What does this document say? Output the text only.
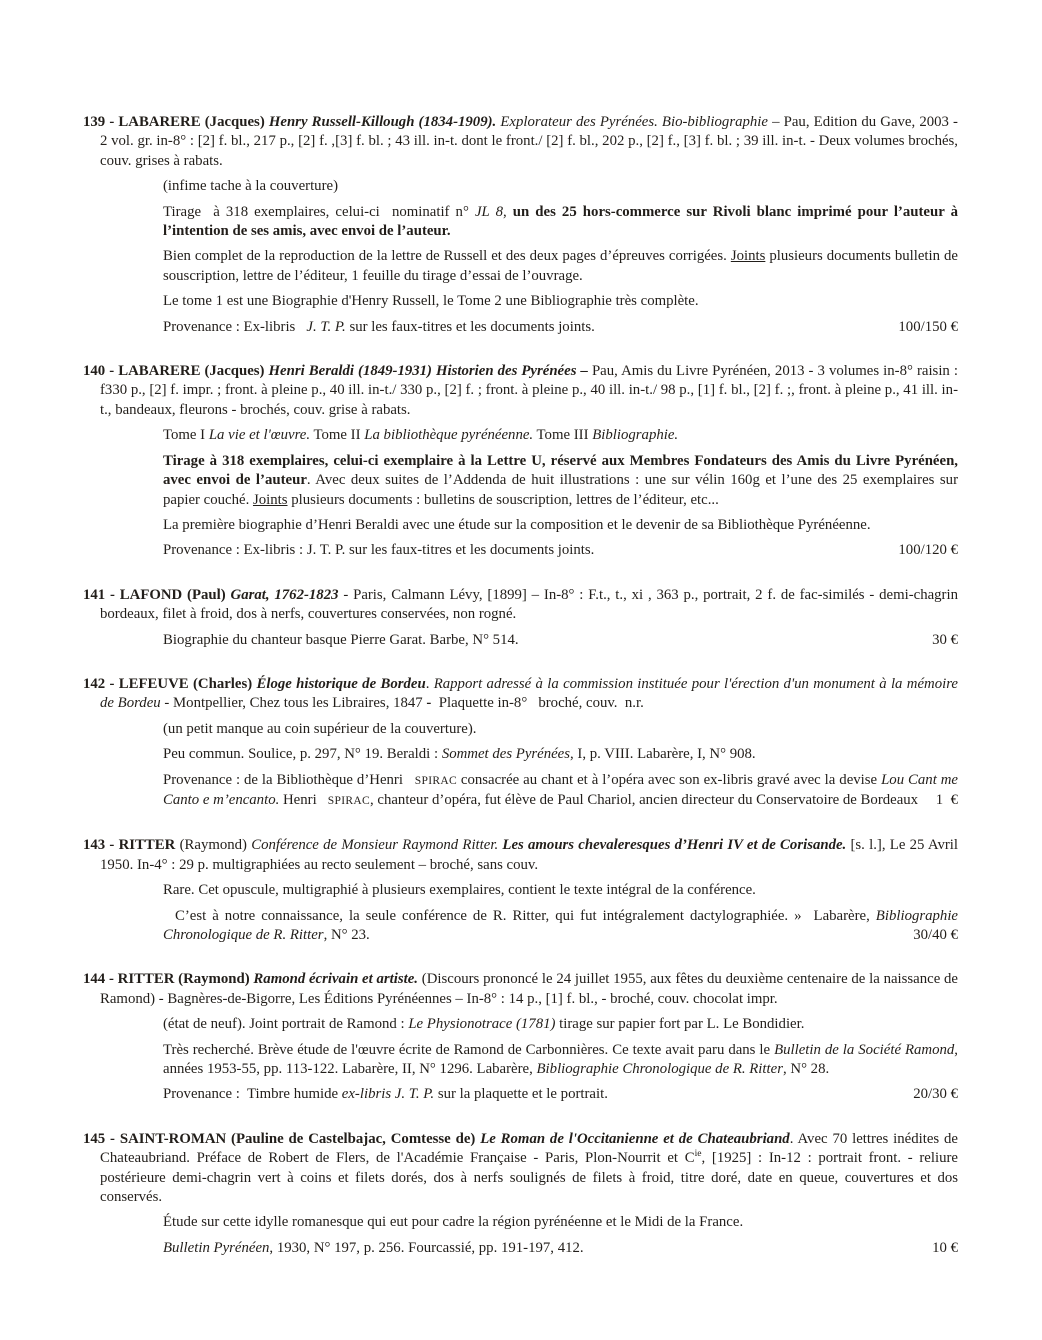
139 - LABARERE (Jacques) Henry Russell-Killough (1834-1909). Explorateur des Pyrénées. Bio-bibliographie – Pau, Edition du Gave, 2003 - 2 vol. gr. in-8° : [2] f. bl., 217 p., [2] f. ,[3] f. bl. ; 43 ill. in-t. dont le front./ [2] f. bl., 202 p., [2] f., [3] f. bl. ; 39 ill. in-t. - Deux volumes brochés, couv. grises à rabats.

(infime tache à la couverture)

Tirage  à 318 exemplaires, celui-ci  nominatif n° JL 8, un des 25 hors-commerce sur Rivoli blanc imprimé pour l’auteur à l’intention de ses amis, avec envoi de l’auteur.

Bien complet de la reproduction de la lettre de Russell et des deux pages d’épreuves corrigées. Joints plusieurs documents bulletin de souscription, lettre de l’éditeur, 1 feuille du tirage d’essai de l’ouvrage.

Le tome 1 est une Biographie d'Henry Russell, le Tome 2 une Bibliographie très complète.

Provenance : Ex-libris   J. T. P. sur les faux-titres et les documents joints.	100/150 €

140 - LABARERE (Jacques) Henri Beraldi (1849-1931) Historien des Pyrénées – Pau, Amis du Livre Pyrénéen, 2013 - 3 volumes in-8° raisin : f330 p., [2] f. impr. ; front. à pleine p., 40 ill. in-t./ 330 p., [2] f. ; front. à pleine p., 40 ill. in-t./ 98 p., [1] f. bl., [2] f. ;, front. à pleine p., 41 ill. in-t., bandeaux, fleurons - brochés, couv. grise à rabats.

Tome I La vie et l'œuvre. Tome II La bibliothèque pyrénéenne. Tome III Bibliographie.

Tirage à 318 exemplaires, celui-ci exemplaire à la Lettre U, réservé aux Membres Fondateurs des Amis du Livre Pyrénéen, avec envoi de l’auteur. Avec deux suites de l’Addenda de huit illustrations : une sur vélin 160g et l’une des 25 exemplaires sur papier couché. Joints plusieurs documents : bulletins de souscription, lettres de l’éditeur, etc...

La première biographie d’Henri Beraldi avec une étude sur la composition et le devenir de sa Bibliothèque Pyrénéenne.

Provenance : Ex-libris : J. T. P. sur les faux-titres et les documents joints.	100/120 €

141 - LAFOND (Paul) Garat, 1762-1823 - Paris, Calmann Lévy, [1899] – In-8° : F.t., t., xi , 363 p., portrait, 2 f. de fac-similés - demi-chagrin bordeaux, filet à froid, dos à nerfs, couvertures conservées, non rogné.

Biographie du chanteur basque Pierre Garat. Barbe, N° 514.	30 €

142 - LEFEUVE (Charles) Éloge historique de Bordeu. Rapport adressé à la commission instituée pour l'érection d'un monument à la mémoire de Bordeu - Montpellier, Chez tous les Libraires, 1847 -  Plaquette in-8°   broché, couv.  n.r.

(un petit manque au coin supérieur de la couverture).

Peu commun. Soulice, p. 297, N° 19. Beraldi : Sommet des Pyrénées, I, p. VIII. Labarère, I, N° 908.

Provenance : de la Bibliothèque d’Henri   SPIRAC consacrée au chant et à l’opéra avec son ex-libris gravé avec la devise Lou Cant me Canto e m’encanto. Henri   SPIRAC, chanteur d’opéra, fut élève de Paul Chariol, ancien directeur du Conservatoire de Bordeaux 1  €

143 - RITTER (Raymond) Conférence de Monsieur Raymond Ritter. Les amours chevaleresques d’Henri IV et de Corisande. [s. l.], Le 25 Avril 1950. In-4° : 29 p. multigraphiées au recto seulement – broché, sans couv.

Rare. Cet opuscule, multigraphié à plusieurs exemplaires, contient le texte intégral de la conférence.

C’est à notre connaissance, la seule conférence de R. Ritter, qui fut intégralement dactylographiée. »  Labarère, Bibliographie Chronologique de R. Ritter, N° 23.	30/40 €

144 - RITTER (Raymond) Ramond écrivain et artiste. (Discours prononcé le 24 juillet 1955, aux fêtes du deuxième centenaire de la naissance de Ramond) - Bagnères-de-Bigorre, Les Éditions Pyrénéennes – In-8° : 14 p., [1] f. bl., - broché, couv. chocolat impr.

(état de neuf). Joint portrait de Ramond : Le Physionotrace (1781) tirage sur papier fort par L. Le Bondidier.

Très recherché. Brève étude de l'œuvre écrite de Ramond de Carbonnières. Ce texte avait paru dans le Bulletin de la Société Ramond, années 1953-55, pp. 113-122. Labarère, II, N° 1296. Labarère, Bibliographie Chronologique de R. Ritter, N° 28.

Provenance :  Timbre humide ex-libris J. T. P. sur la plaquette et le portrait.	20/30 €

145 - SAINT-ROMAN (Pauline de Castelbajac, Comtesse de) Le Roman de l'Occitanienne et de Chateaubriand. Avec 70 lettres inédites de Chateaubriand. Préface de Robert de Flers, de l'Académie Française - Paris, Plon-Nourrit et $C^{ie}$, [1925] : In-12 : portrait front. - reliure postérieure demi-chagrin vert à coins et filets dorés, dos à nerfs soulignés de filets à froid, titre doré, date en queue, couvertures et dos conservés.

Étude sur cette idylle romanesque qui eut pour cadre la région pyrénéenne et le Midi de la France.

Bulletin Pyrénéen, 1930, N° 197, p. 256. Fourcassié, pp. 191-197, 412.	10 €
